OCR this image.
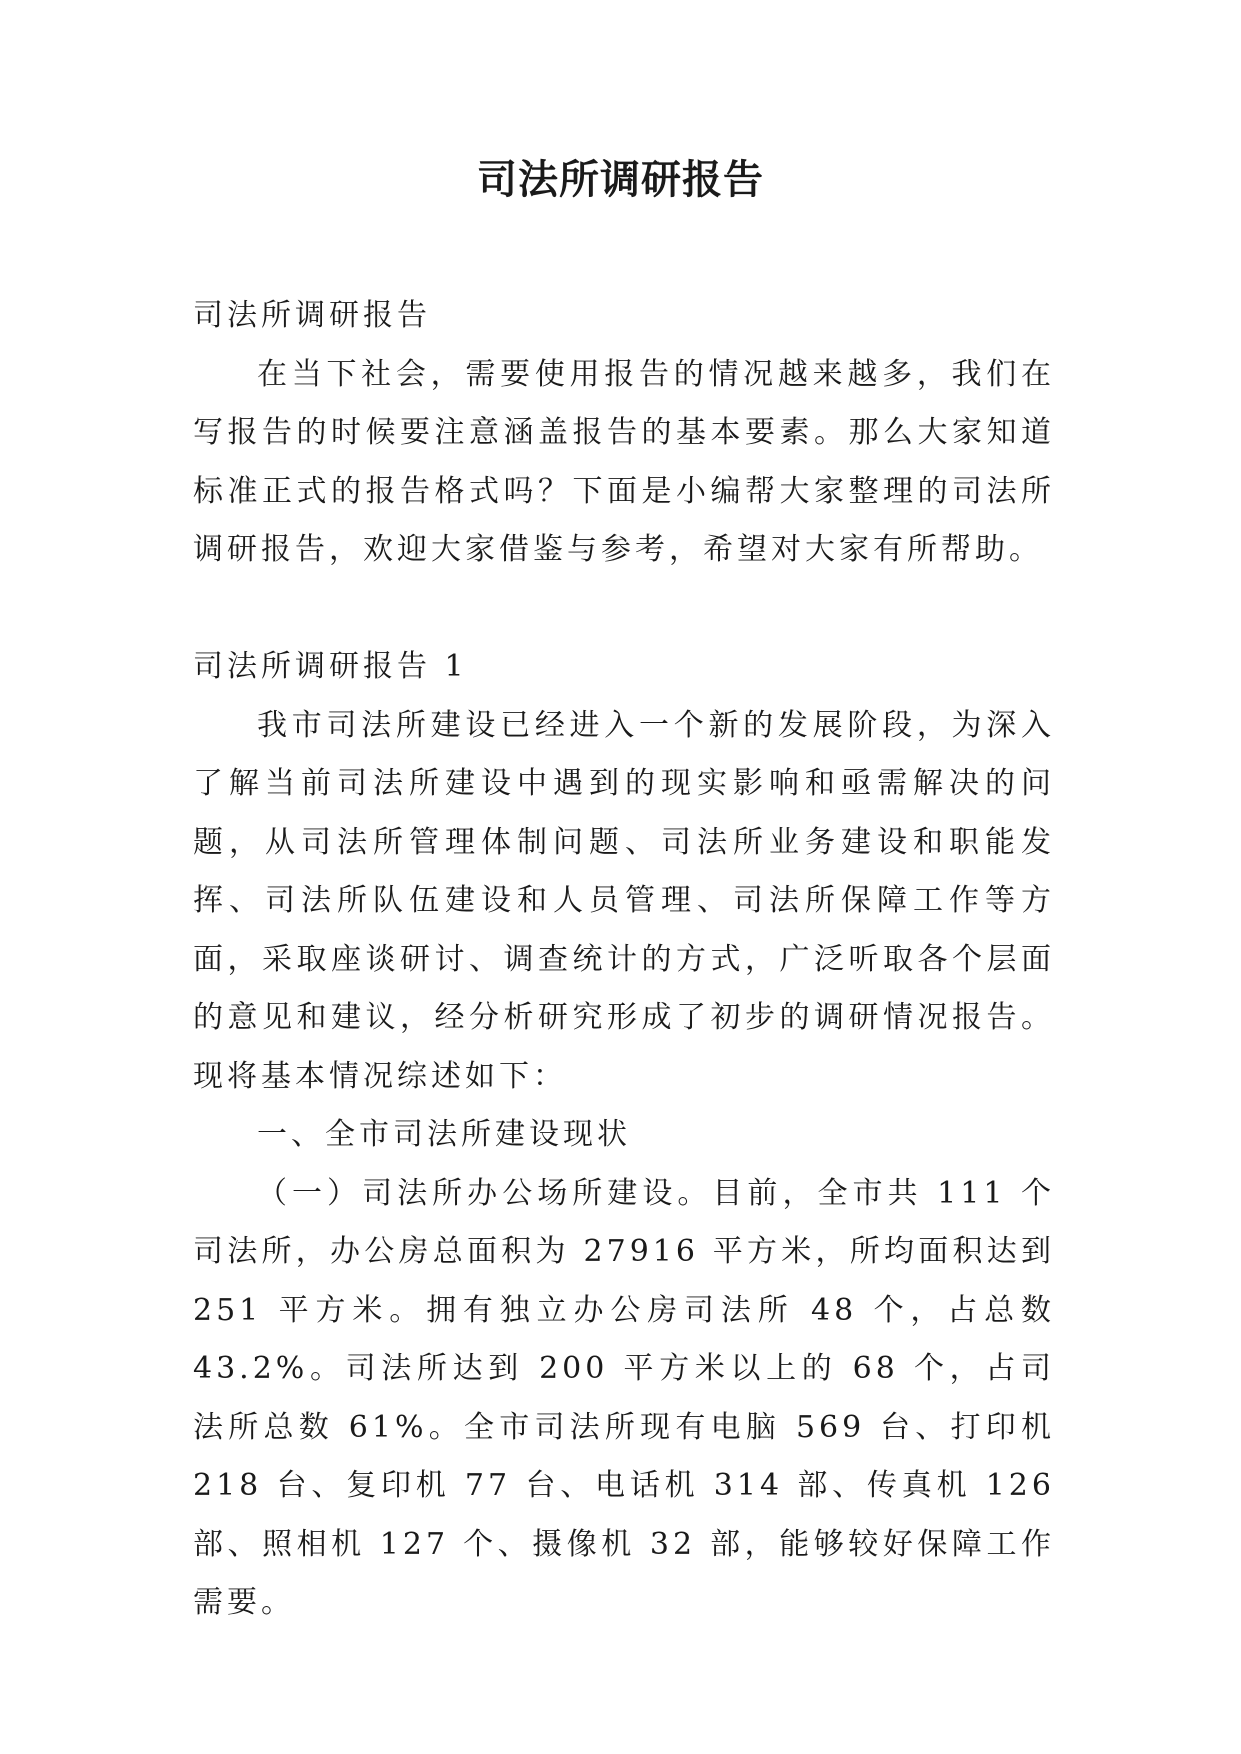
司法所调研报告

司法所调研报告

在当下社会，需要使用报告的情况越来越多，我们在写报告的时候要注意涵盖报告的基本要素。那么大家知道标准正式的报告格式吗？下面是小编帮大家整理的司法所调研报告，欢迎大家借鉴与参考，希望对大家有所帮助。

司法所调研报告 1

我市司法所建设已经进入一个新的发展阶段，为深入了解当前司法所建设中遇到的现实影响和亟需解决的问题，从司法所管理体制问题、司法所业务建设和职能发挥、司法所队伍建设和人员管理、司法所保障工作等方面，采取座谈研讨、调查统计的方式，广泛听取各个层面的意见和建议，经分析研究形成了初步的调研情况报告。现将基本情况综述如下：

一、全市司法所建设现状

（一）司法所办公场所建设。目前，全市共 111 个司法所，办公房总面积为 27916 平方米，所均面积达到 251 平方米。拥有独立办公房司法所 48 个，占总数 43.2%。司法所达到 200 平方米以上的 68 个，占司法所总数 61%。全市司法所现有电脑 569 台、打印机 218 台、复印机 77 台、电话机 314 部、传真机 126 部、照相机 127 个、摄像机 32 部，能够较好保障工作需要。
